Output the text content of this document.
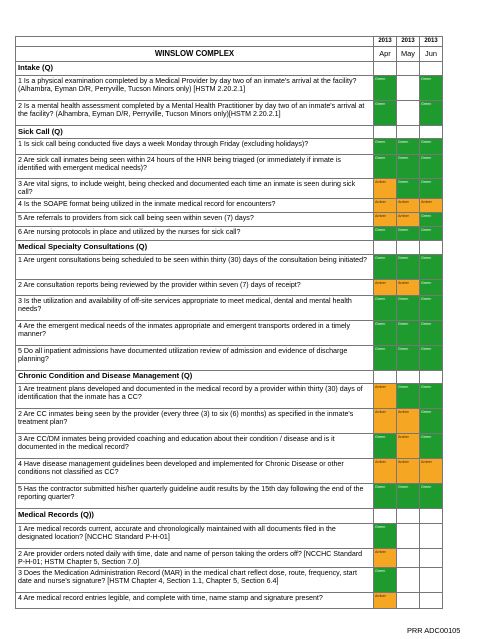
	2013	2013	2013
WINSLOW COMPLEX	Apr	May	Jun
Intake (Q)			
1 Is a physical examination completed by a Medical Provider by day two of an inmate's arrival at the facility? (Alhambra, Eyman D/R, Perryville, Tucson Minors only) [HSTM 2.20.2.1]	Green		Green
2 Is a mental health assessment completed by a Mental Health Practitioner by day two of an inmate's arrival at the facility? (Alhambra, Eyman D/R, Perryville, Tucson Minors only)[HSTM 2.20.2.1]	Green		Green
Sick Call (Q)			
1 Is sick call being conducted five days a week Monday through Friday (excluding holidays)?	Green	Green	Green
2 Are sick call inmates being seen within 24 hours of the HNR being triaged (or immediately if inmate is identified with emergent medical needs)?	Green	Green	Green
3 Are vital signs, to include weight, being checked and documented each time an inmate is seen during sick call?	Amber	Green	Green
4 Is the SOAPE format being utilized in the inmate medical record for encounters?	Amber	Amber	Amber
5 Are referrals to providers from sick call being seen within seven (7) days?	Amber	Amber	Green
6 Are nursing protocols in place and utilized by the nurses for sick call?	Green	Green	Green
Medical Specialty Consultations (Q)			
1 Are urgent consultations being scheduled to be seen within thirty (30) days of the consultation being initiated?	Green	Green	Green
2 Are consultation reports being reviewed by the provider within seven (7) days of receipt?	Amber	Amber	Green
3 Is the utilization and availability of off-site services appropriate to meet medical, dental and mental health needs?	Green	Green	Green
4 Are the emergent medical needs of the inmates appropriate and emergent transports ordered in a timely manner?	Green	Green	Green
5 Do all inpatient admissions have documented utilization review of admission and evidence of discharge planning?	Green	Green	Green
Chronic Condition and Disease Management (Q)			
1 Are treatment plans developed and documented in the medical record by a provider within thirty (30) days of identification that the inmate has a CC?	Amber	Green	Green
2 Are CC inmates being seen by the provider (every three (3) to six (6) months) as specified in the inmate's treatment plan?	Amber	Amber	Green
3 Are CC/DM inmates being provided coaching and education about their condition / disease and is it documented in the medical record?	Green	Amber	Green
4 Have disease management guidelines been developed and implemented for Chronic Disease or other conditions not classified as CC?	Amber	Amber	Amber
5 Has the contractor submitted his/her quarterly guideline audit results by the 15th day following the end of the reporting quarter?	Green	Green	Green
Medical Records (Q))			
1 Are medical records current, accurate and chronologically maintained with all documents filed in the designated location? [NCCHC Standard P-H-01]	Green		
2 Are provider orders noted daily with time, date and name of person taking the orders off? [NCCHC Standard P-H-01; HSTM Chapter 5, Section 7.0]	Amber		
3 Does the Medication Administration Record (MAR) in the medical chart reflect dose, route, frequency, start date and nurse's signature? [HSTM Chapter 4, Section 1.1, Chapter 5, Section 6.4]	Green		
4 Are medical record entries legible, and complete with time, name stamp and signature present?	Amber		
PRR ADC00105
